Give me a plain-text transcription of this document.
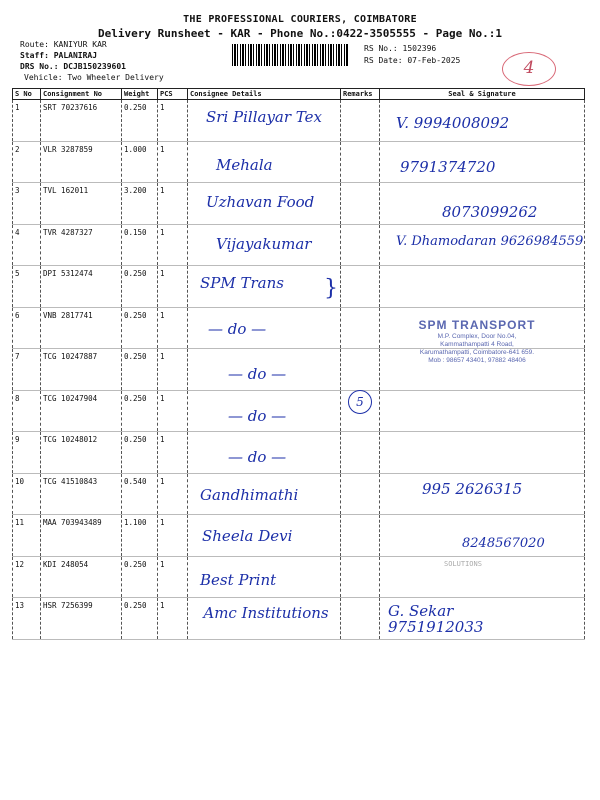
THE PROFESSIONAL COURIERS, COIMBATORE
Delivery Runsheet - KAR - Phone No.:0422-3505555 - Page No.:1
Route: KANIYUR KAR
Staff: PALANIRAJ
DRS No.: DCJB150239601
Vehicle: Two Wheeler Delivery
RS No.: 1502396
RS Date: 07-Feb-2025	4
S No	Consignment No	Weight	PCS	Consignee Details	Remarks	Seal & Signature
1	SRT 70237616	0.250	1	Sri Pillayar Tex		V. 9994008092

2	VLR 3287859	1.000	1	Mehala		9791374720

3	TVL 162011	3.200	1	Uzhavan Food		8073099262

4	TVR 4287327	0.150	1	Vijayakumar		V. Dhamodaran 9626984559

5	DPI 5312474	0.250	1	SPM Trans		

6	VNB 2817741	0.250	1	— do —		

7	TCG 10247887	0.250	1	— do —		

8	TCG 10247904	0.250	1	— do —		

9	TCG 10248012	0.250	1	— do —		

10	TCG 41510843	0.540	1	Gandhimathi		995 2626315

11	MAA 703943489	1.100	1	Sheela Devi		8248567020

12	KDI 248054	0.250	1	Best Print		

13	HSR 7256399	0.250	1	Amc Institutions		G. Sekar 9751912033
SPM TRANSPORT
M.P. Complex, Door No.04,
Kammathampatti 4 Road,
Karumathampatti, Coimbatore-641 659.
Mob : 98657 43401, 97882 48406
5
}
SOLUTIONS
